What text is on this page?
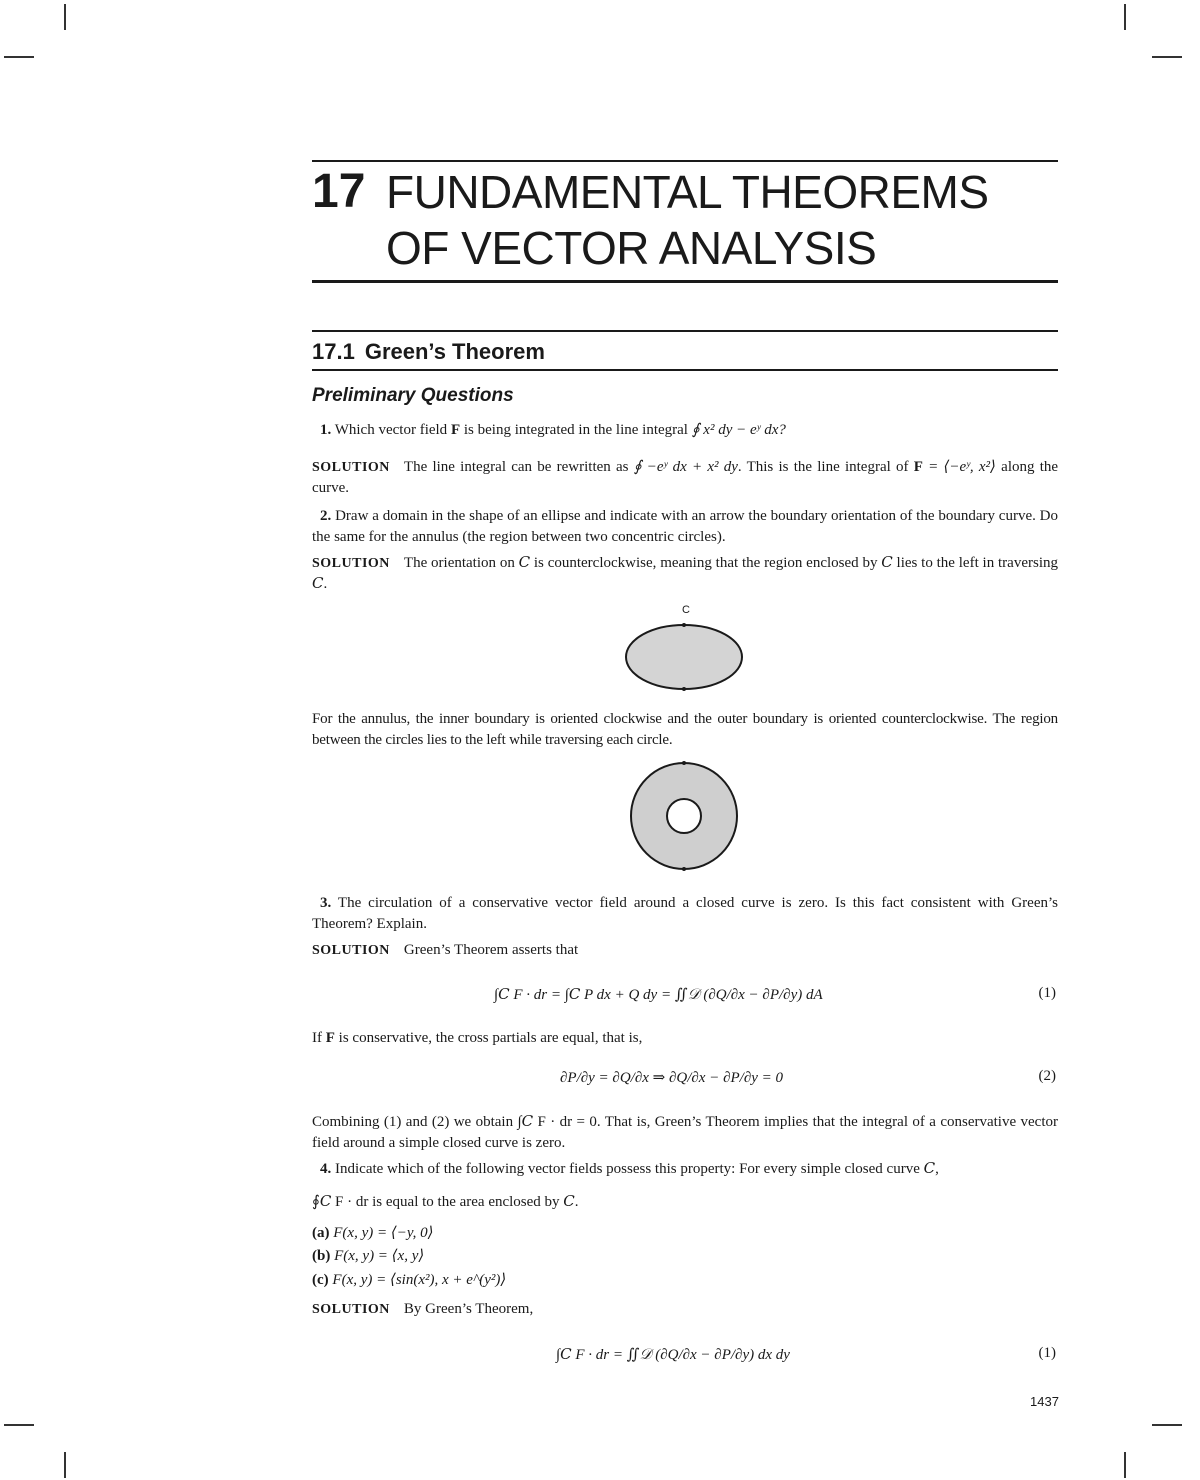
17 FUNDAMENTAL THEOREMS
OF VECTOR ANALYSIS
17.1 Green’s Theorem
Preliminary Questions
1. Which vector field F is being integrated in the line integral ∮ x² dy − eʸ dx?
SOLUTION The line integral can be rewritten as ∮ −eʸ dx + x² dy. This is the line integral of F = ⟨−eʸ, x²⟩ along the curve.
2. Draw a domain in the shape of an ellipse and indicate with an arrow the boundary orientation of the boundary curve. Do the same for the annulus (the region between two concentric circles).
SOLUTION The orientation on 𝐶 is counterclockwise, meaning that the region enclosed by 𝐶 lies to the left in traversing 𝐶.
C
For the annulus, the inner boundary is oriented clockwise and the outer boundary is oriented counterclockwise. The region between the circles lies to the left while traversing each circle.
3. The circulation of a conservative vector field around a closed curve is zero. Is this fact consistent with Green’s Theorem? Explain.
SOLUTION Green’s Theorem asserts that
∫𝐶 F · dr = ∫𝐶 P dx + Q dy = ∬𝒟 (∂Q/∂x − ∂P/∂y) dA	(1)
If F is conservative, the cross partials are equal, that is,
∂P/∂y = ∂Q/∂x ⇒ ∂Q/∂x − ∂P/∂y = 0	(2)
Combining (1) and (2) we obtain ∫𝐶 F · dr = 0. That is, Green’s Theorem implies that the integral of a conservative vector field around a simple closed curve is zero.
4. Indicate which of the following vector fields possess this property: For every simple closed curve 𝐶,
∮𝐶 F · dr is equal to the area enclosed by 𝐶.
(a) F(x, y) = ⟨−y, 0⟩
(b) F(x, y) = ⟨x, y⟩
(c) F(x, y) = ⟨sin(x²), x + e^(y²)⟩
SOLUTION By Green’s Theorem,
∫𝐶 F · dr = ∬𝒟 (∂Q/∂x − ∂P/∂y) dx dy	(1)
1437
